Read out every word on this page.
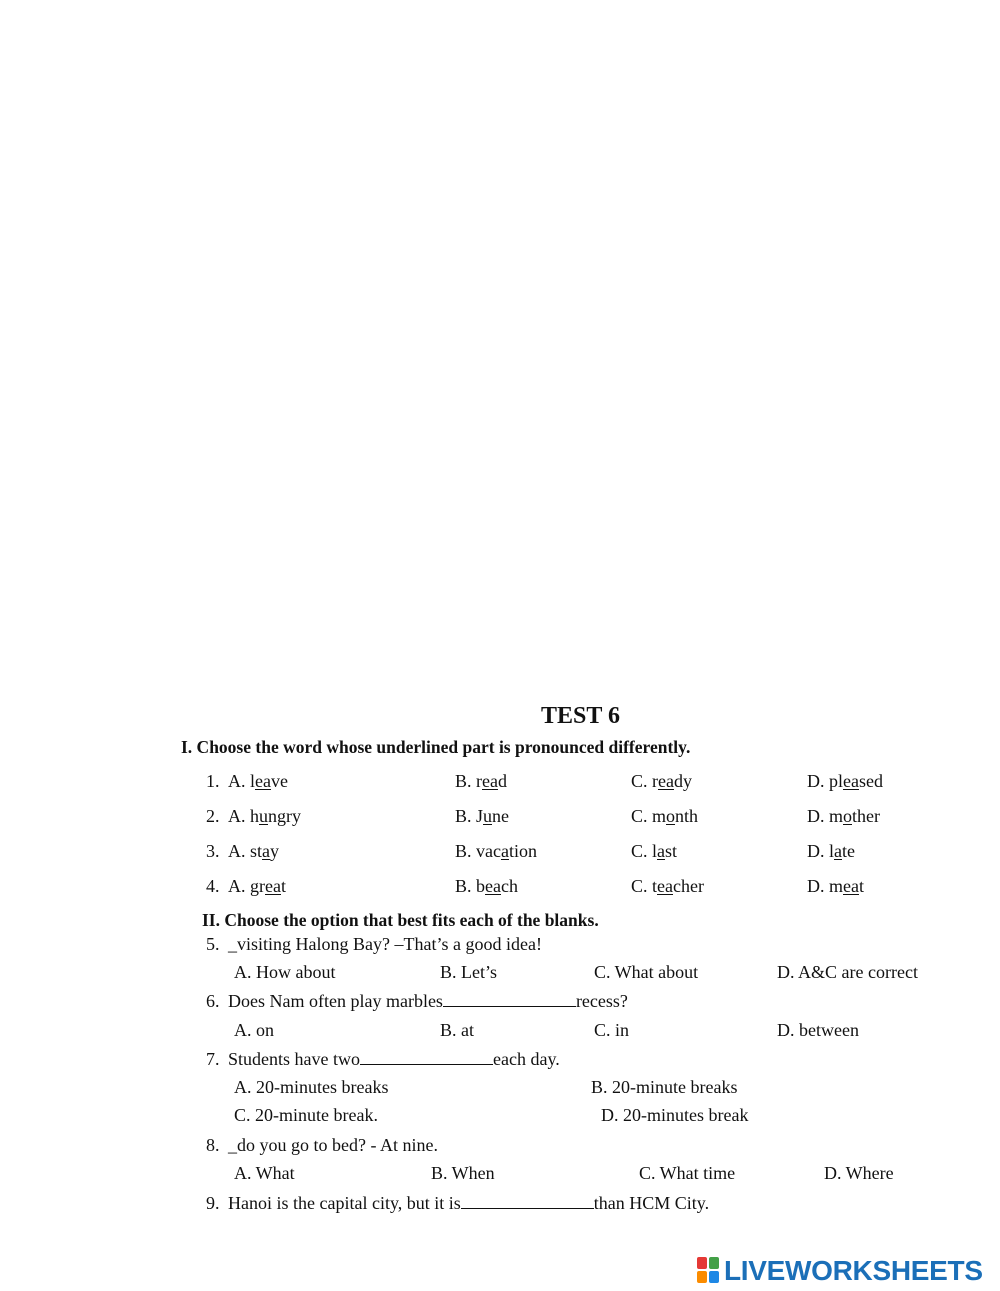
TEST 6
I. Choose the word whose underlined part is pronounced differently.
1. A. leave	B. read	C. ready	D. pleased
2. A. hungry	B. June	C. month	D. mother
3. A. stay	B. vacation	C. last	D. late
4. A. great	B. beach	C. teacher	D. meat
II. Choose the option that best fits each of the blanks.
5. _visiting Halong Bay? –That’s a good idea!
A. How about	B. Let’s	C. What about	D. A&C are correct
6. Does Nam often play marbles	recess?
A. on	B. at	C. in	D. between
7. Students have two	each day.
A. 20-minutes breaks	B. 20-minute breaks
C. 20-minute break.	D. 20-minutes break
8. _do you go to bed? - At nine.
A. What	B. When	C. What time	D. Where
9. Hanoi is the capital city, but it is	than HCM City.
LIVEWORKSHEETS
